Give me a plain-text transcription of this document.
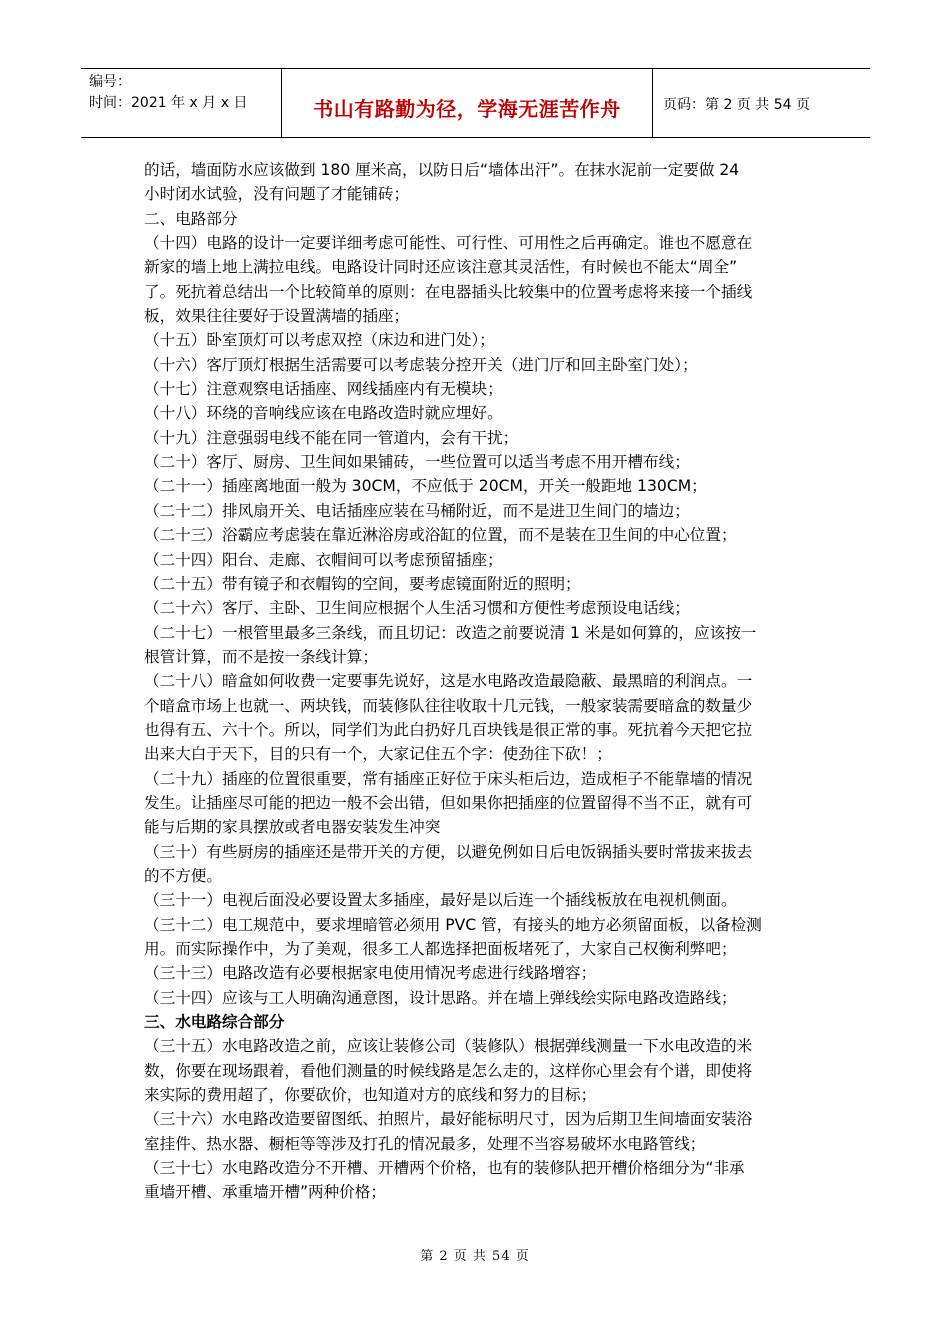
编号：
时间：2021 年 x 月 x 日	书山有路勤为径，学海无涯苦作舟	页码：第 2 页 共 54 页

的话，墙面防水应该做到 180 厘米高，以防日后“墙体出汗”。在抹水泥前一定要做 24

小时闭水试验，没有问题了才能铺砖；

二、电路部分

（十四）电路的设计一定要详细考虑可能性、可行性、可用性之后再确定。谁也不愿意在

新家的墙上地上满拉电线。电路设计同时还应该注意其灵活性，有时候也不能太“周全”

了。死抗着总结出一个比较简单的原则：在电器插头比较集中的位置考虑将来接一个插线

板，效果往往要好于设置满墙的插座；

（十五）卧室顶灯可以考虑双控（床边和进门处）；

（十六）客厅顶灯根据生活需要可以考虑装分控开关（进门厅和回主卧室门处）；

（十七）注意观察电话插座、网线插座内有无模块；

（十八）环绕的音响线应该在电路改造时就应埋好。

（十九）注意强弱电线不能在同一管道内，会有干扰；

（二十）客厅、厨房、卫生间如果铺砖，一些位置可以适当考虑不用开槽布线；

（二十一）插座离地面一般为 30CM，不应低于 20CM，开关一般距地 130CM；

（二十二）排风扇开关、电话插座应装在马桶附近，而不是进卫生间门的墙边；

（二十三）浴霸应考虑装在靠近淋浴房或浴缸的位置，而不是装在卫生间的中心位置；

（二十四）阳台、走廊、衣帽间可以考虑预留插座；

（二十五）带有镜子和衣帽钩的空间，要考虑镜面附近的照明；

（二十六）客厅、主卧、卫生间应根据个人生活习惯和方便性考虑预设电话线；

（二十七）一根管里最多三条线，而且切记：改造之前要说清 1 米是如何算的，应该按一

根管计算，而不是按一条线计算；

（二十八）暗盒如何收费一定要事先说好，这是水电路改造最隐蔽、最黑暗的利润点。一

个暗盒市场上也就一、两块钱，而装修队往往收取十几元钱，一般家装需要暗盒的数量少

也得有五、六十个。所以，同学们为此白扔好几百块钱是很正常的事。死抗着今天把它拉

出来大白于天下，目的只有一个，大家记住五个字：使劲往下砍！；

（二十九）插座的位置很重要，常有插座正好位于床头柜后边，造成柜子不能靠墙的情况

发生。让插座尽可能的把边一般不会出错，但如果你把插座的位置留得不当不正，就有可

能与后期的家具摆放或者电器安装发生冲突

（三十）有些厨房的插座还是带开关的方便，以避免例如日后电饭锅插头要时常拔来拔去

的不方便。

（三十一）电视后面没必要设置太多插座，最好是以后连一个插线板放在电视机侧面。

（三十二）电工规范中，要求埋暗管必须用 PVC 管，有接头的地方必须留面板，以备检测

用。而实际操作中，为了美观，很多工人都选择把面板堵死了，大家自己权衡利弊吧；

（三十三）电路改造有必要根据家电使用情况考虑进行线路增容；

（三十四）应该与工人明确沟通意图，设计思路。并在墙上弹线绘实际电路改造路线；

三、水电路综合部分

（三十五）水电路改造之前，应该让装修公司（装修队）根据弹线测量一下水电改造的米

数，你要在现场跟着，看他们测量的时候线路是怎么走的，这样你心里会有个谱，即使将

来实际的费用超了，你要砍价，也知道对方的底线和努力的目标；

（三十六）水电路改造要留图纸、拍照片，最好能标明尺寸，因为后期卫生间墙面安装浴

室挂件、热水器、橱柜等等涉及打孔的情况最多，处理不当容易破坏水电路管线；

（三十七）水电路改造分不开槽、开槽两个价格，也有的装修队把开槽价格细分为“非承

重墙开槽、承重墙开槽”两种价格；

第 2 页 共 54 页
